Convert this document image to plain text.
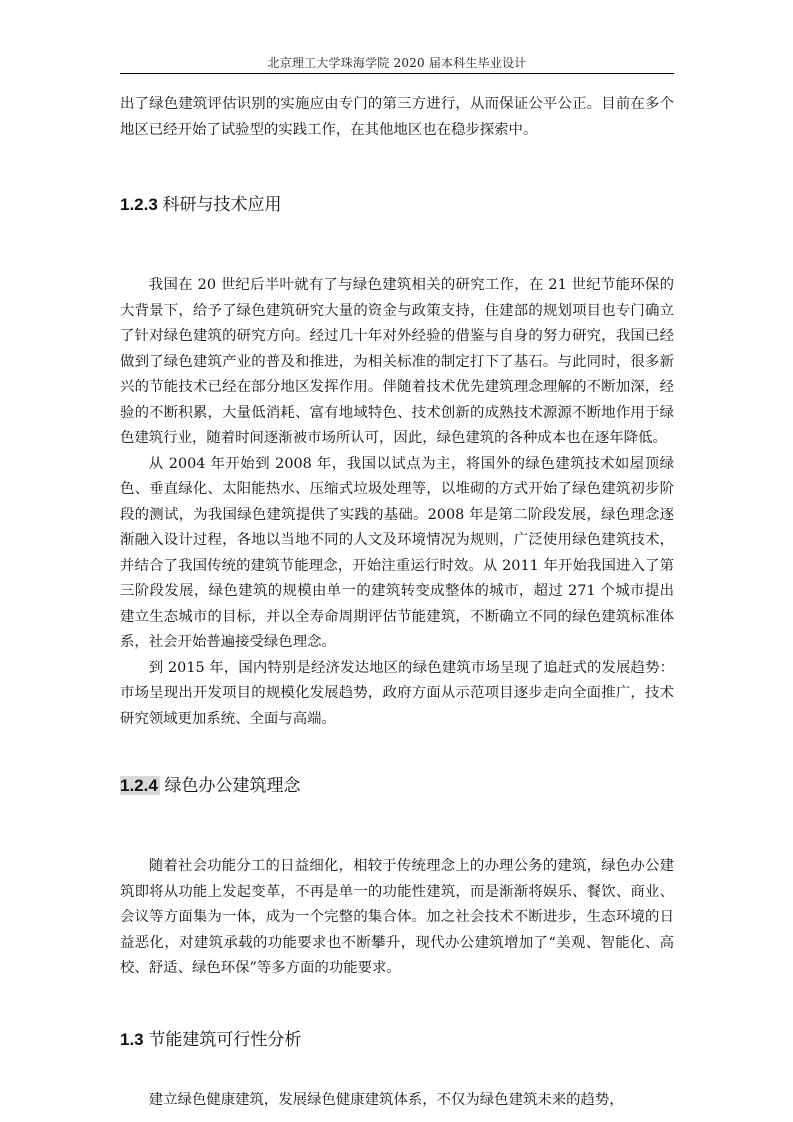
北京理工大学珠海学院 2020 届本科生毕业设计

出了绿色建筑评估识别的实施应由专门的第三方进行，从而保证公平公正。目前在多个地区已经开始了试验型的实践工作，在其他地区也在稳步探索中。

1.2.3 科研与技术应用

我国在 20 世纪后半叶就有了与绿色建筑相关的研究工作，在 21 世纪节能环保的大背景下，给予了绿色建筑研究大量的资金与政策支持，住建部的规划项目也专门确立了针对绿色建筑的研究方向。经过几十年对外经验的借鉴与自身的努力研究，我国已经做到了绿色建筑产业的普及和推进，为相关标准的制定打下了基石。与此同时，很多新兴的节能技术已经在部分地区发挥作用。伴随着技术优先建筑理念理解的不断加深，经验的不断积累，大量低消耗、富有地域特色、技术创新的成熟技术源源不断地作用于绿色建筑行业，随着时间逐渐被市场所认可，因此，绿色建筑的各种成本也在逐年降低。

从 2004 年开始到 2008 年，我国以试点为主，将国外的绿色建筑技术如屋顶绿色、垂直绿化、太阳能热水、压缩式垃圾处理等，以堆砌的方式开始了绿色建筑初步阶段的测试，为我国绿色建筑提供了实践的基础。2008 年是第二阶段发展，绿色理念逐渐融入设计过程，各地以当地不同的人文及环境情况为规则，广泛使用绿色建筑技术，并结合了我国传统的建筑节能理念，开始注重运行时效。从 2011 年开始我国进入了第三阶段发展，绿色建筑的规模由单一的建筑转变成整体的城市，超过 271 个城市提出建立生态城市的目标，并以全寿命周期评估节能建筑，不断确立不同的绿色建筑标准体系，社会开始普遍接受绿色理念。

到 2015 年，国内特别是经济发达地区的绿色建筑市场呈现了追赶式的发展趋势：市场呈现出开发项目的规模化发展趋势，政府方面从示范项目逐步走向全面推广，技术研究领域更加系统、全面与高端。

1.2.4 绿色办公建筑理念

随着社会功能分工的日益细化，相较于传统理念上的办理公务的建筑，绿色办公建筑即将从功能上发起变革，不再是单一的功能性建筑，而是渐渐将娱乐、餐饮、商业、会议等方面集为一体，成为一个完整的集合体。加之社会技术不断进步，生态环境的日益恶化，对建筑承载的功能要求也不断攀升，现代办公建筑增加了“美观、智能化、高校、舒适、绿色环保”等多方面的功能要求。

1.3 节能建筑可行性分析

建立绿色健康建筑，发展绿色健康建筑体系，不仅为绿色建筑未来的趋势，
